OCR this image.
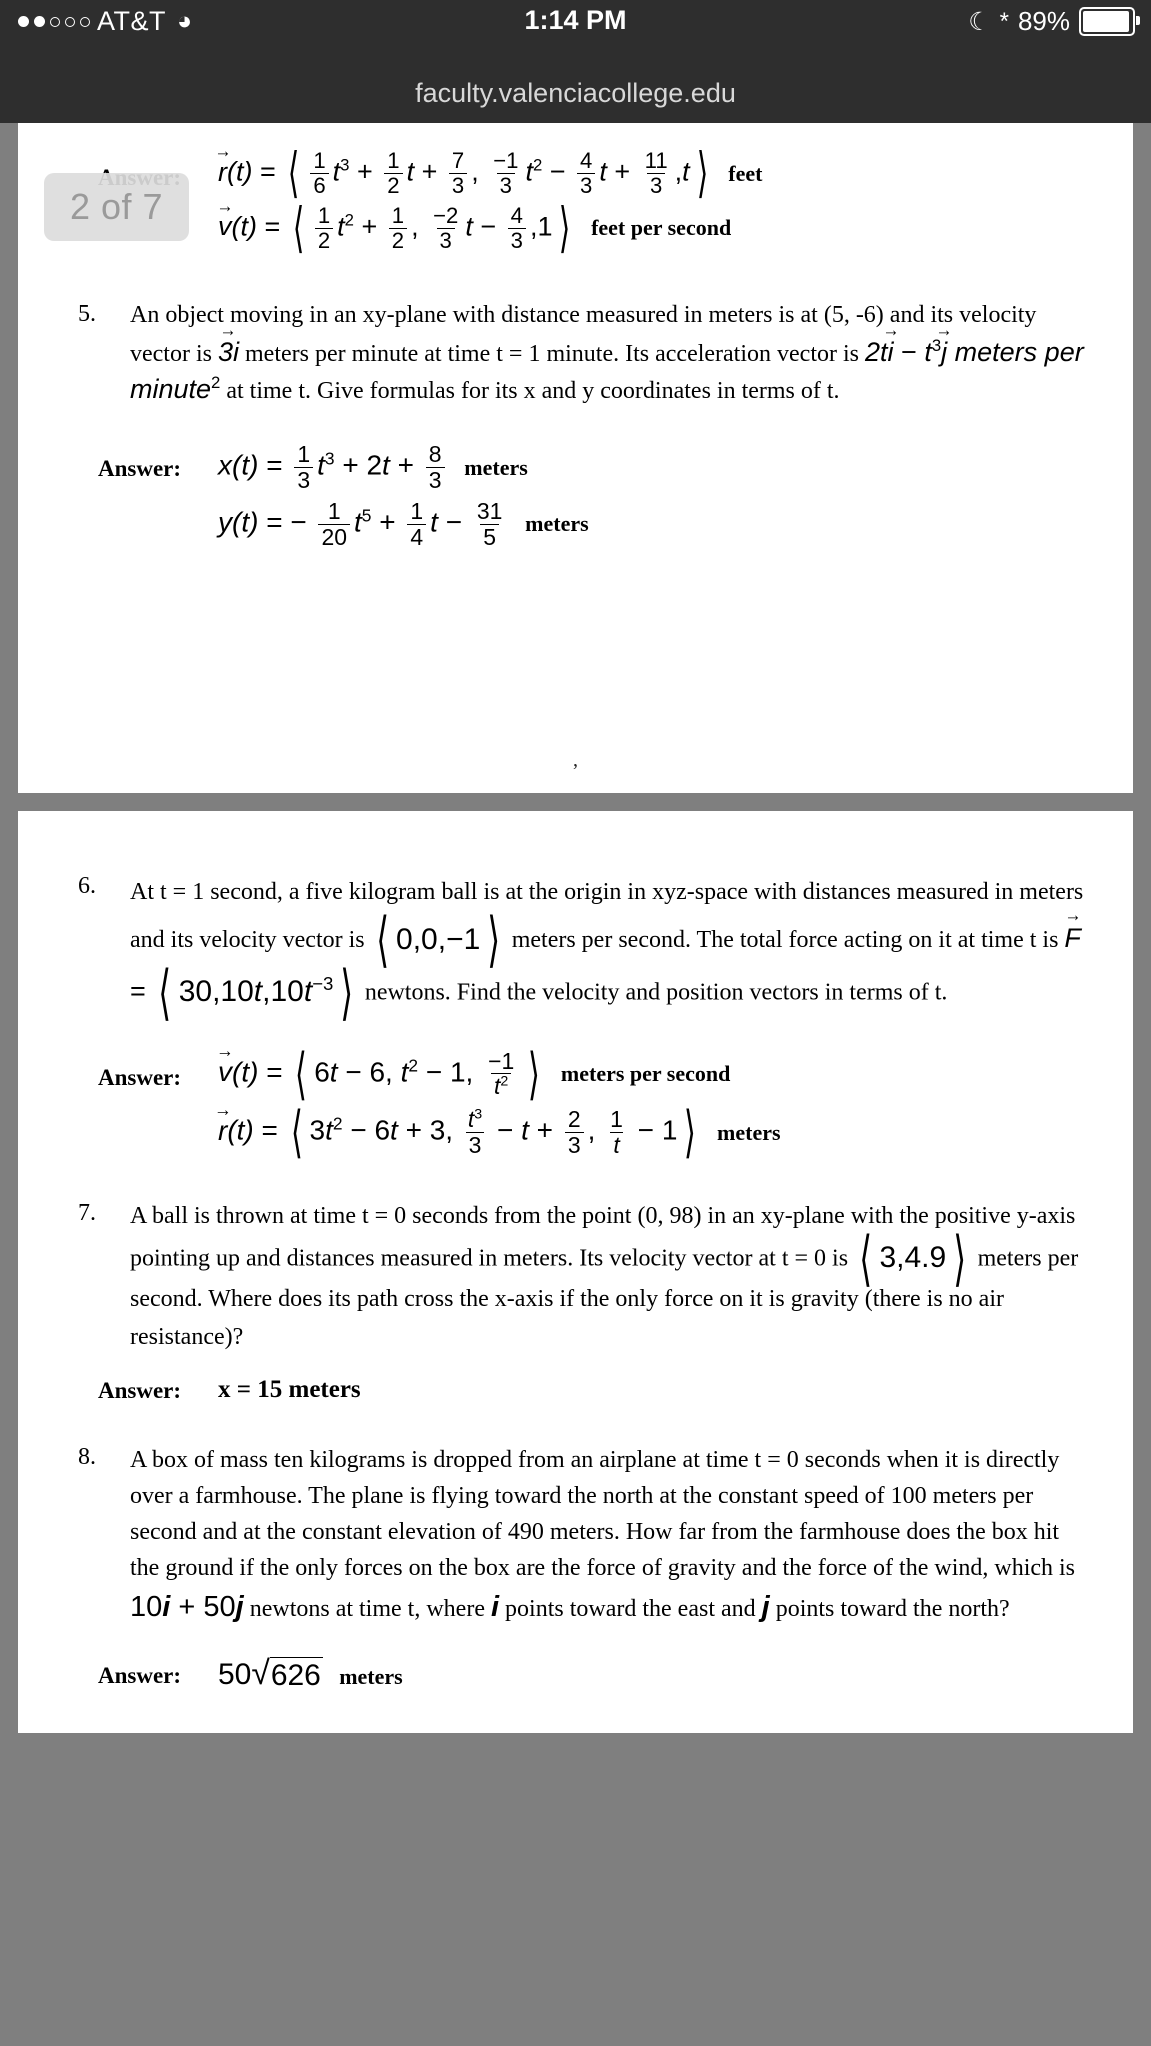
AT&T ◕	1:14 PM	☾ * 89%
faculty.valenciacollege.edu
2 of 7
r →(t) = ⟨ $\frac{1}{6} t^3 + \frac{1}{2}$ $t + \frac{7}{3}$ , $\frac{-1}{3} t^2 - \frac{4}{3}$ $t + \frac{11}{3} ,t$ ⟩ feet
v →(t) = ⟨ $\frac{1}{2} t^2 + \frac{1}{2}$ , $\frac{-2}{3}$ $t - \frac{4}{3} ,1$ ⟩ feet per second
5.	An object moving in an xy-plane with distance measured in meters is at (5, -6) and its velocity vector is 3i → meters per minute at time t = 1 minute. Its acceleration vector is 2ti → − $t^3j$ → meters per minute$^2$ at time t. Give formulas for its x and y coordinates in terms of t.
Answer:	$x(t) = \frac{1}{3} t^3 + 2t + \frac{8}{3}$ meters
y(t) = − $\frac{1}{20} t^5 + \frac{1}{4}$ $t - \frac{31}{5}$ meters
,
6.	At t = 1 second, a five kilogram ball is at the origin in xyz-space with distances measured in meters and its velocity vector is ⟨ 0,0,−1 ⟩ meters per second. The total force acting on it at time t is F → = ⟨ $30,10t,10t^{-3}$ ⟩ newtons. Find the velocity and position vectors in terms of t.
Answer:	v →(t) = ⟨ 6t − 6, $t^2 - 1$, $\frac{-1}{t^2}$ ⟩ meters per second
r →(t) = ⟨ $3t^2 - 6t + 3$, $\frac{t^3}{3} - t + \frac{2}{3}$ , $\frac{1}{t} - 1$ ⟩ meters
7.	A ball is thrown at time t = 0 seconds from the point (0, 98) in an xy-plane with the positive y-axis pointing up and distances measured in meters. Its velocity vector at t = 0 is ⟨ 3,4.9 ⟩ meters per second. Where does its path cross the x-axis if the only force on it is gravity (there is no air resistance)?
Answer:	x = 15 meters
8.	A box of mass ten kilograms is dropped from an airplane at time t = 0 seconds when it is directly over a farmhouse. The plane is flying toward the north at the constant speed of 100 meters per second and at the constant elevation of 490 meters. How far from the farmhouse does the box hit the ground if the only forces on the box are the force of gravity and the force of the wind, which is 10i + 50j newtons at time t, where i points toward the east and j points toward the north?
Answer:	50 √ 626 meters
